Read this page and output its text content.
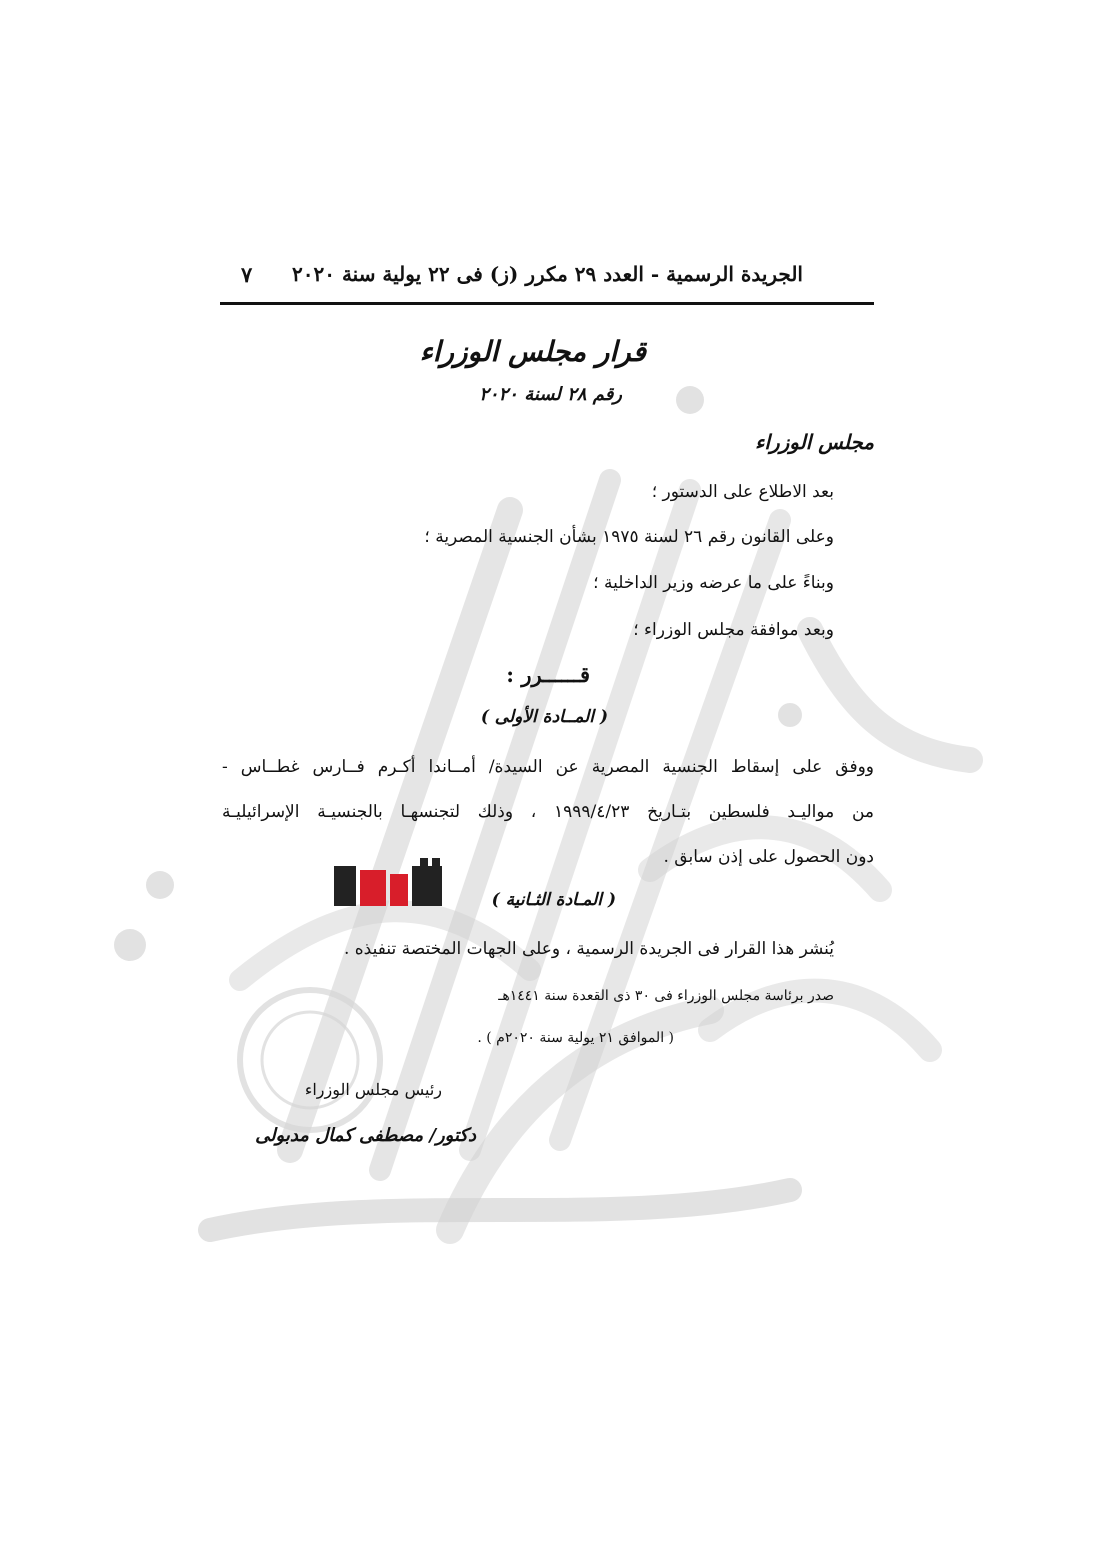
الجريدة الرسمية - العدد ٢٩ مكرر (ز) فى ٢٢ يولية سنة ٢٠٢٠
٧
قرار مجلس الوزراء
رقم ٢٨ لسنة ٢٠٢٠
مجلس الوزراء
بعد الاطلاع على الدستور ؛
وعلى القانون رقم ٢٦ لسنة ١٩٧٥ بشأن الجنسية المصرية ؛
وبناءً على ما عرضه وزير الداخلية ؛
وبعد موافقة مجلس الوزراء ؛
قــــــرر :
( المــادة الأولى )
ووفق على إسقاط الجنسية المصرية عن السيدة/ أمــاندا أكـرم فــارس غطــاس -
من مواليـد فلسطين بتـاريخ ١٩٩٩/٤/٢٣ ، وذلك لتجنسهـا بالجنسيـة الإسرائيليـة
دون الحصول على إذن سابق .
( المـادة الثـانية )
يُنشر هذا القرار فى الجريدة الرسمية ، وعلى الجهات المختصة تنفيذه .
صدر برئاسة مجلس الوزراء فى ٣٠ ذى القعدة سنة ١٤٤١هـ
( الموافق ٢١ يولية سنة ٢٠٢٠م ) .
رئيس مجلس الوزراء
دكتور/ مصطفى كمال مدبولى
